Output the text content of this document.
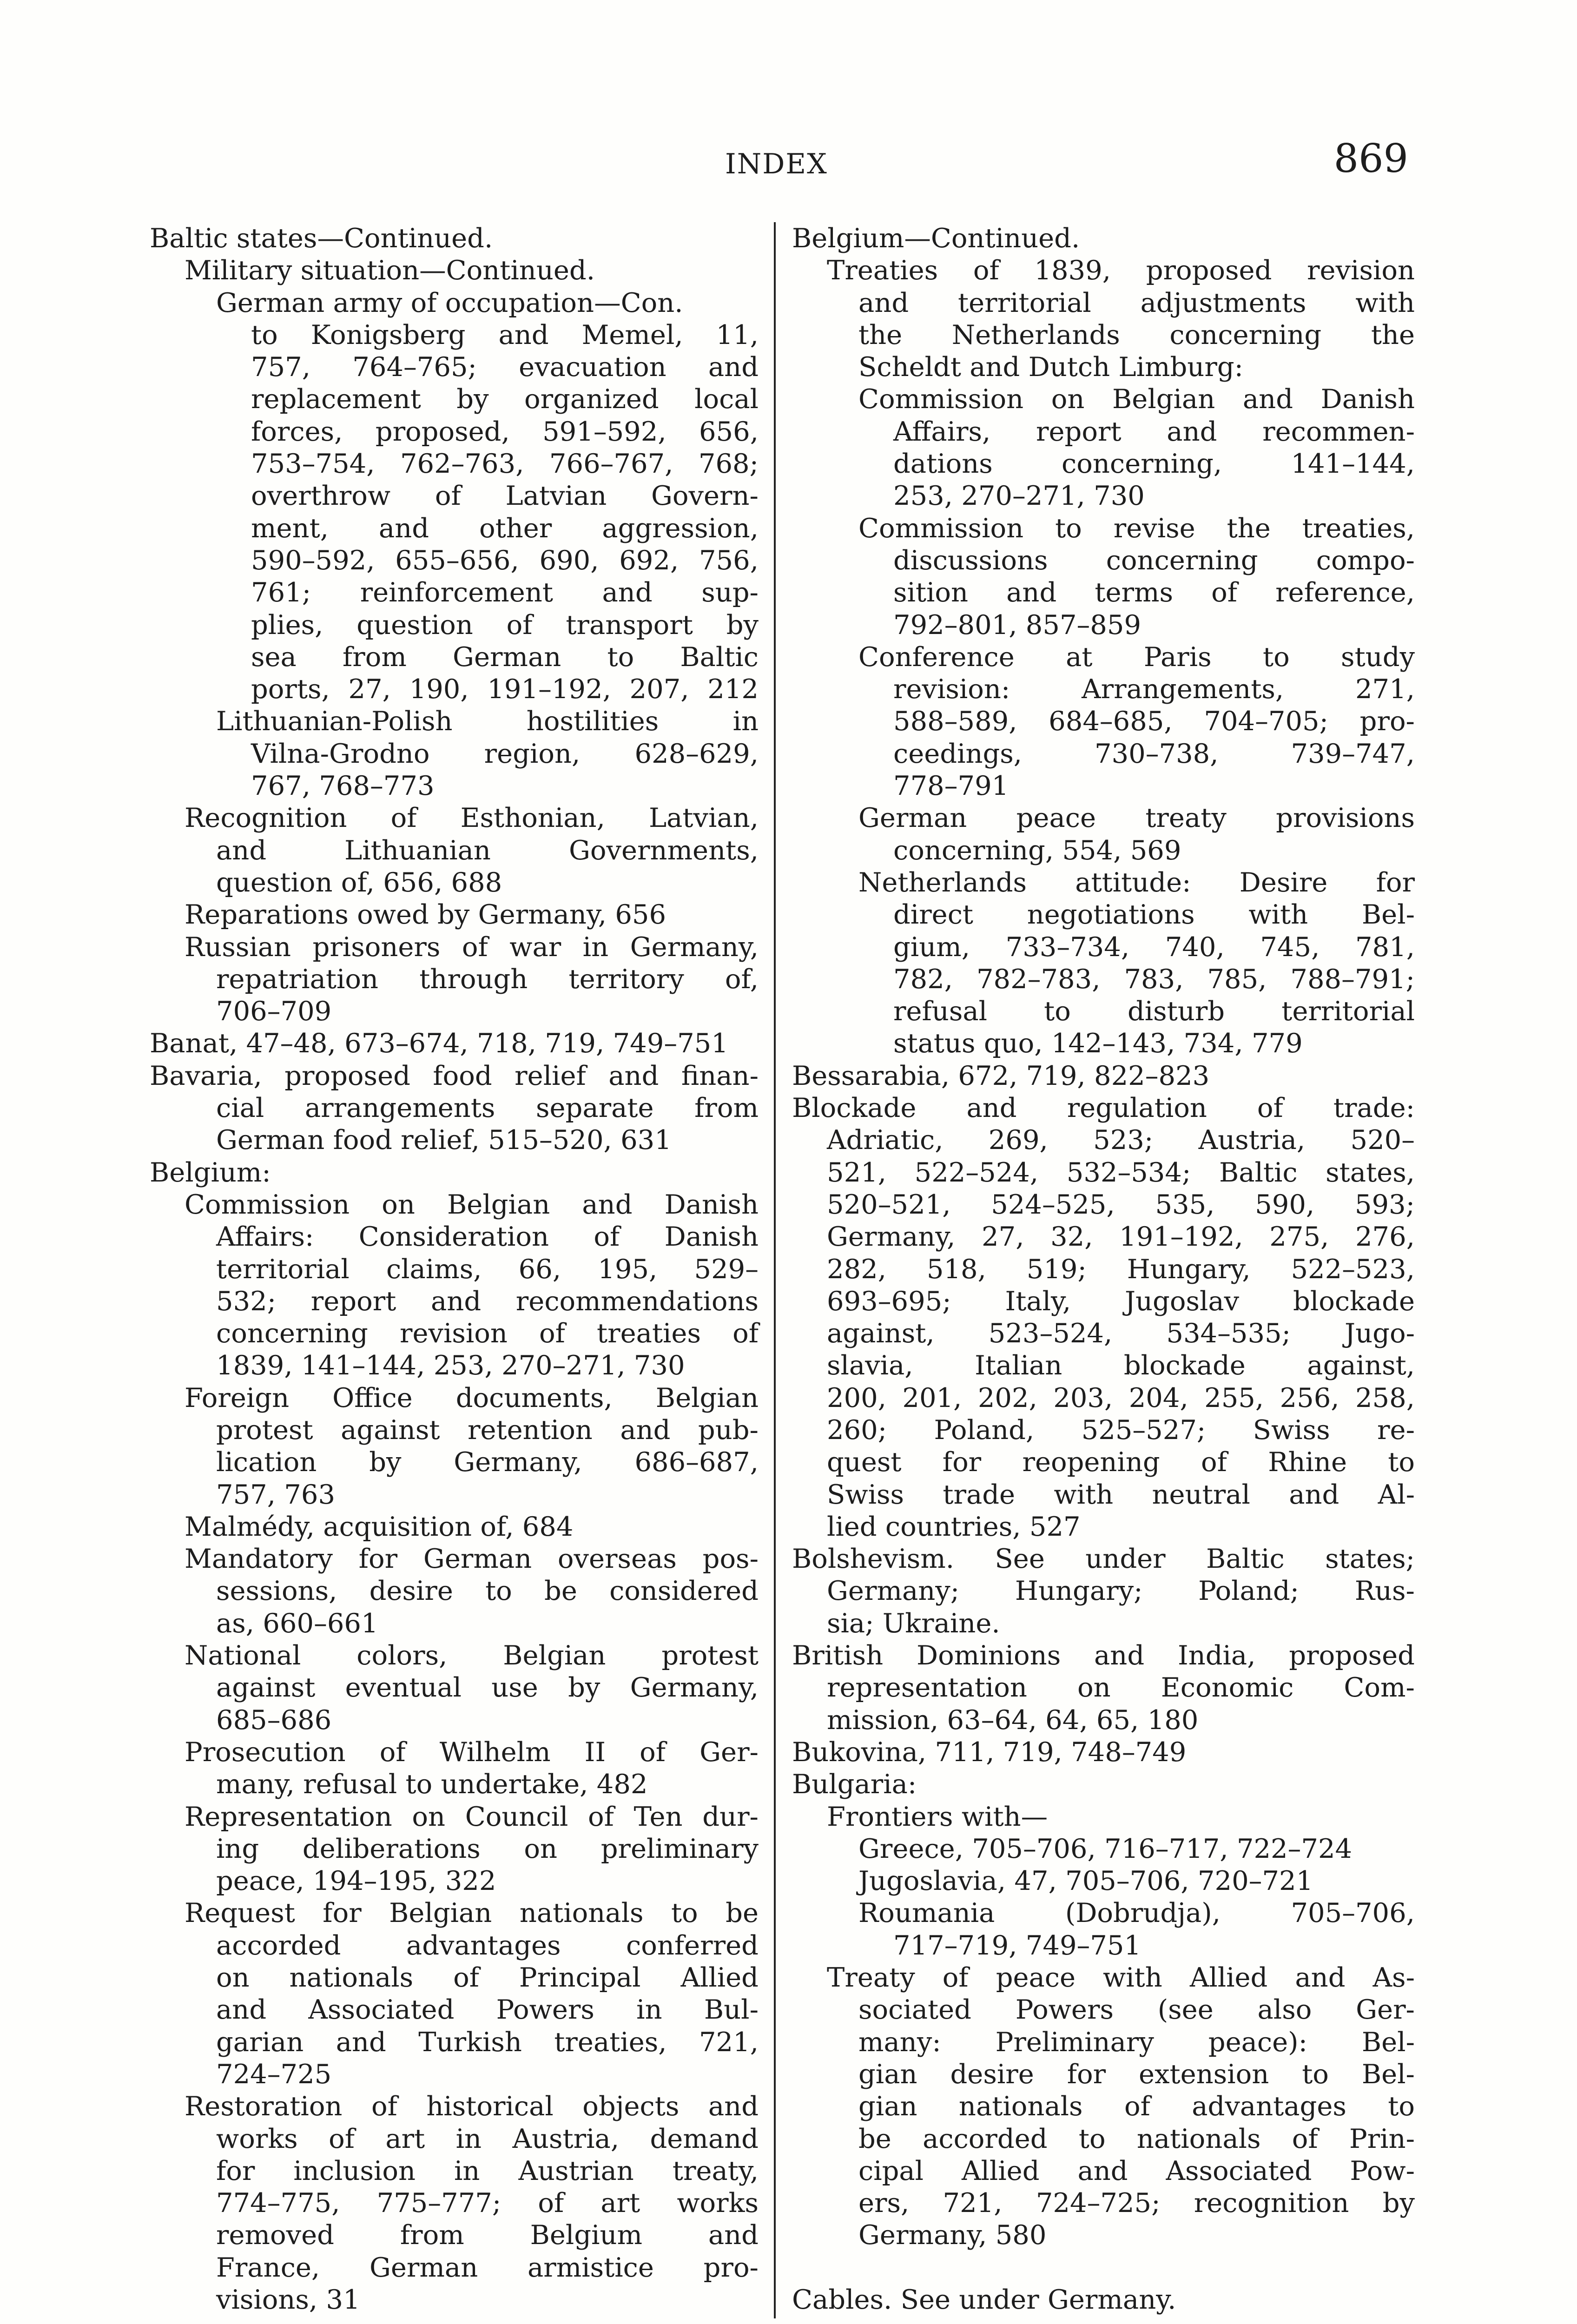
INDEX	869
Baltic states—Continued.
Military situation—Continued.
German army of occupation—Con.
to Konigsberg and Memel, 11,
757, 764–765; evacuation and
replacement by organized local
forces, proposed, 591–592, 656,
753–754, 762–763, 766–767, 768;
overthrow of Latvian Govern-
ment, and other aggression,
590–592, 655–656, 690, 692, 756,
761; reinforcement and sup-
plies, question of transport by
sea from German to Baltic
ports, 27, 190, 191–192, 207, 212
Lithuanian-Polish hostilities in
Vilna-Grodno region, 628–629,
767, 768–773
Recognition of Esthonian, Latvian,
and Lithuanian Governments,
question of, 656, 688
Reparations owed by Germany, 656
Russian prisoners of war in Germany,
repatriation through territory of,
706–709
Banat, 47–48, 673–674, 718, 719, 749–751
Bavaria, proposed food relief and finan-
cial arrangements separate from
German food relief, 515–520, 631
Belgium:
Commission on Belgian and Danish
Affairs: Consideration of Danish
territorial claims, 66, 195, 529–
532; report and recommendations
concerning revision of treaties of
1839, 141–144, 253, 270–271, 730
Foreign Office documents, Belgian
protest against retention and pub-
lication by Germany, 686–687,
757, 763
Malmédy, acquisition of, 684
Mandatory for German overseas pos-
sessions, desire to be considered
as, 660–661
National colors, Belgian protest
against eventual use by Germany,
685–686
Prosecution of Wilhelm II of Ger-
many, refusal to undertake, 482
Representation on Council of Ten dur-
ing deliberations on preliminary
peace, 194–195, 322
Request for Belgian nationals to be
accorded advantages conferred
on nationals of Principal Allied
and Associated Powers in Bul-
garian and Turkish treaties, 721,
724–725
Restoration of historical objects and
works of art in Austria, demand
for inclusion in Austrian treaty,
774–775, 775–777; of art works
removed from Belgium and
France, German armistice pro-
visions, 31
Belgium—Continued.
Treaties of 1839, proposed revision
and territorial adjustments with
the Netherlands concerning the
Scheldt and Dutch Limburg:
Commission on Belgian and Danish
Affairs, report and recommen-
dations concerning, 141–144,
253, 270–271, 730
Commission to revise the treaties,
discussions concerning compo-
sition and terms of reference,
792–801, 857–859
Conference at Paris to study
revision: Arrangements, 271,
588–589, 684–685, 704–705; pro-
ceedings, 730–738, 739–747,
778–791
German peace treaty provisions
concerning, 554, 569
Netherlands attitude: Desire for
direct negotiations with Bel-
gium, 733–734, 740, 745, 781,
782, 782–783, 783, 785, 788–791;
refusal to disturb territorial
status quo, 142–143, 734, 779
Bessarabia, 672, 719, 822–823
Blockade and regulation of trade:
Adriatic, 269, 523; Austria, 520–
521, 522–524, 532–534; Baltic states,
520–521, 524–525, 535, 590, 593;
Germany, 27, 32, 191–192, 275, 276,
282, 518, 519; Hungary, 522–523,
693–695; Italy, Jugoslav blockade
against, 523–524, 534–535; Jugo-
slavia, Italian blockade against,
200, 201, 202, 203, 204, 255, 256, 258,
260; Poland, 525–527; Swiss re-
quest for reopening of Rhine to
Swiss trade with neutral and Al-
lied countries, 527
Bolshevism. See under Baltic states;
Germany; Hungary; Poland; Rus-
sia; Ukraine.
British Dominions and India, proposed
representation on Economic Com-
mission, 63–64, 64, 65, 180
Bukovina, 711, 719, 748–749
Bulgaria:
Frontiers with—
Greece, 705–706, 716–717, 722–724
Jugoslavia, 47, 705–706, 720–721
Roumania (Dobrudja), 705–706,
717–719, 749–751
Treaty of peace with Allied and As-
sociated Powers (see also Ger-
many: Preliminary peace): Bel-
gian desire for extension to Bel-
gian nationals of advantages to
be accorded to nationals of Prin-
cipal Allied and Associated Pow-
ers, 721, 724–725; recognition by
Germany, 580
Cables. See under Germany.
